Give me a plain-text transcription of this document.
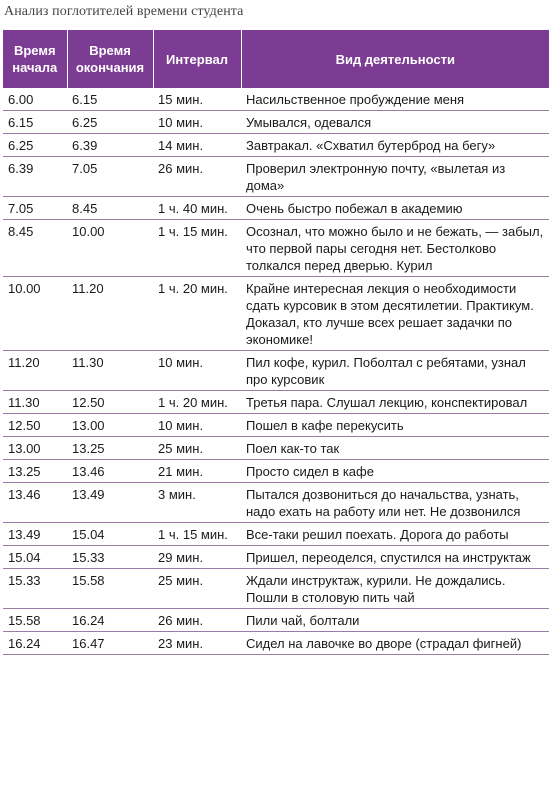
Анализ поглотителей времени студента
Время начала	Время окончания	Интервал	Вид деятельности
6.00	6.15	15 мин.	Насильственное пробуждение меня
6.15	6.25	10 мин.	Умывался, одевался
6.25	6.39	14 мин.	Завтракал. «Схватил бутерброд на бегу»
6.39	7.05	26 мин.	Проверил электронную почту, «вылетая из дома»
7.05	8.45	1 ч. 40 мин.	Очень быстро побежал в академию
8.45	10.00	1 ч. 15 мин.	Осознал, что можно было и не бежать, — забыл, что первой пары сегодня нет. Бестолково толкался перед дверью. Курил
10.00	11.20	1 ч. 20 мин.	Крайне интересная лекция о необходимости сдать курсовик в этом десятилетии. Практикум. Доказал, кто лучше всех решает задачки по экономике!
11.20	11.30	10 мин.	Пил кофе, курил. Поболтал с ребятами, узнал про курсовик
11.30	12.50	1 ч. 20 мин.	Третья пара. Слушал лекцию, конспектировал
12.50	13.00	10 мин.	Пошел в кафе перекусить
13.00	13.25	25 мин.	Поел как-то так
13.25	13.46	21 мин.	Просто сидел в кафе
13.46	13.49	3 мин.	Пытался дозвониться до начальства, узнать, надо ехать на работу или нет. Не дозвонился
13.49	15.04	1 ч. 15 мин.	Все-таки решил поехать. Дорога до работы
15.04	15.33	29 мин.	Пришел, переоделся, спустился на инструктаж
15.33	15.58	25 мин.	Ждали инструктаж, курили. Не дождались. Пошли в столовую пить чай
15.58	16.24	26 мин.	Пили чай, болтали
16.24	16.47	23 мин.	Сидел на лавочке во дворе (страдал фигней)
